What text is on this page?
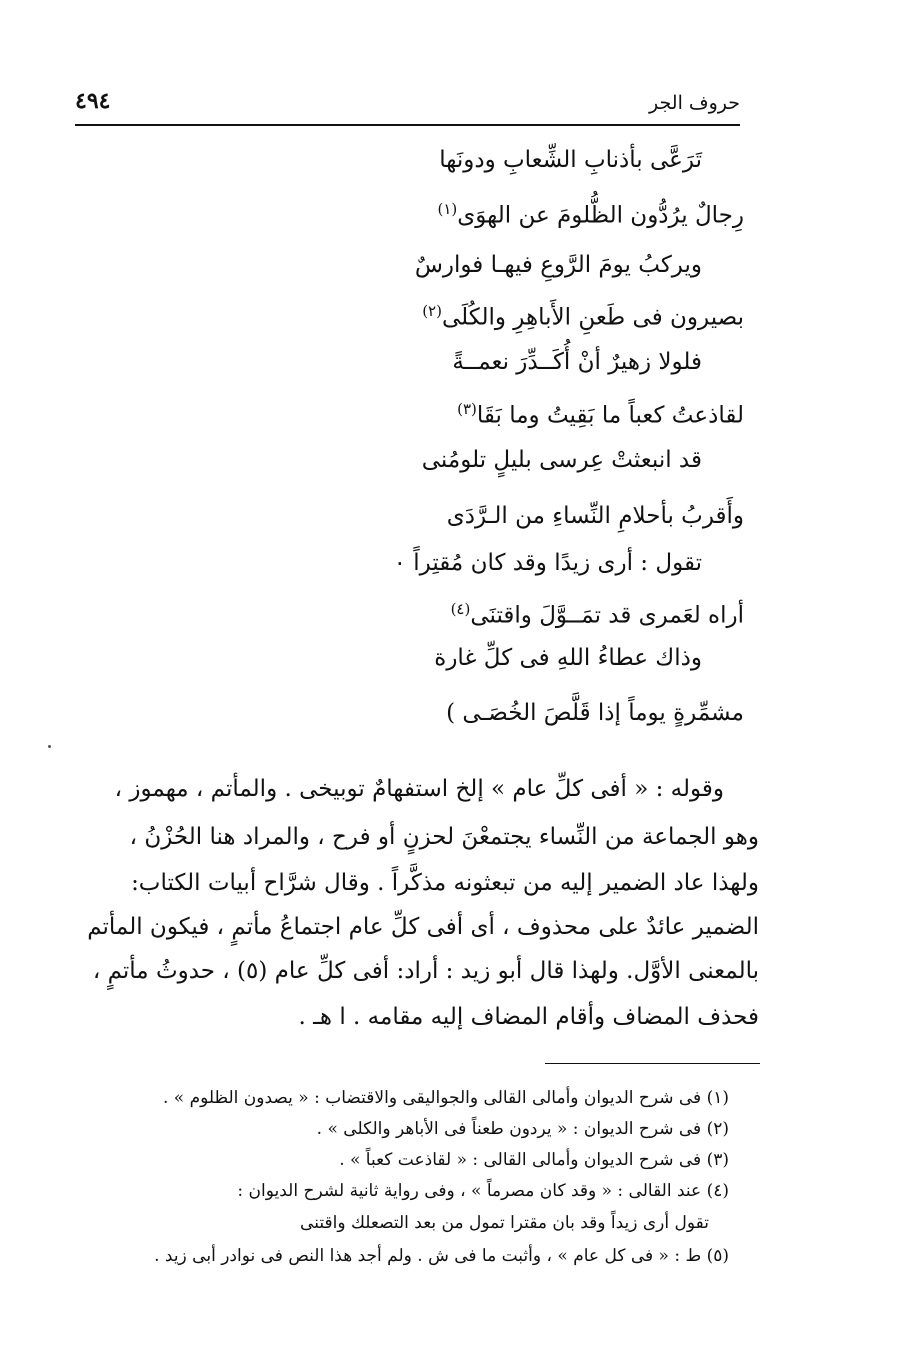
٤٩٤	حروف الجر
تَرَعَّى بأذنابِ الشِّعابِ ودونَها
رِجالٌ يرُدُّون الظُّلومَ عن الهوَى$^{(١)}$
ويركبُ يومَ الرَّوعِ فيهـا فوارسٌ
بصيرون فى طَعنِ الأَباهِرِ والكُلَى$^{(٢)}$
فلولا زهيرٌ أنْ أُكَــدِّرَ نعمــةً
لقاذعتُ كعباً ما بَقِيتُ وما بَقَا$^{(٣)}$
قد انبعثتْ عِرسى بليلٍ تلومُنى
وأَقربُ بأحلامِ النِّساءِ من الـرَّدَى
تقول : أرى زيدًا وقد كان مُقتِراً ٠
أراه لعَمرى قد تمَــوَّلَ واقتنَى$^{(٤)}$
وذاك عطاءُ اللهِ فى كلِّ غارة
مشمِّرةٍ يوماً إذا قَلَّصَ الخُصَـى )
وقوله : « أفى كلِّ عام » إلخ استفهامٌ توبيخى . والمأتم ، مهموز ،
وهو الجماعة من النِّساء يجتمعْنَ لحزنٍ أو فرح ، والمراد هنا الحُزْنُ ،
ولهذا عاد الضمير إليه من تبعثونه مذكَّراً . وقال شرَّاح أبيات الكتاب:
الضمير عائدٌ على محذوف ، أى أفى كلِّ عام اجتماعُ مأتمٍ ، فيكون المأتم
بالمعنى الأوَّل. ولهذا قال أبو زيد : أراد: أفى كلِّ عام (٥) ، حدوثُ مأتمٍ ،
فحذف المضاف وأقام المضاف إليه مقامه . ا هـ .
(١) فى شرح الديوان وأمالى القالى والجواليقى والاقتضاب : « يصدون الظلوم » .
(٢) فى شرح الديوان : « يردون طعناً فى الأباهر والكلى » .
(٣) فى شرح الديوان وأمالى القالى : « لقاذعت كعباً » .
(٤) عند القالى : « وقد كان مصرماً » ، وفى رواية ثانية لشرح الديوان :
تقول أرى زيداً وقد بان مقترا تمول من بعد التصعلك واقتنى
(٥) ط : « فى كل عام » ، وأثبت ما فى ش . ولم أجد هذا النص فى نوادر أبى زيد .
